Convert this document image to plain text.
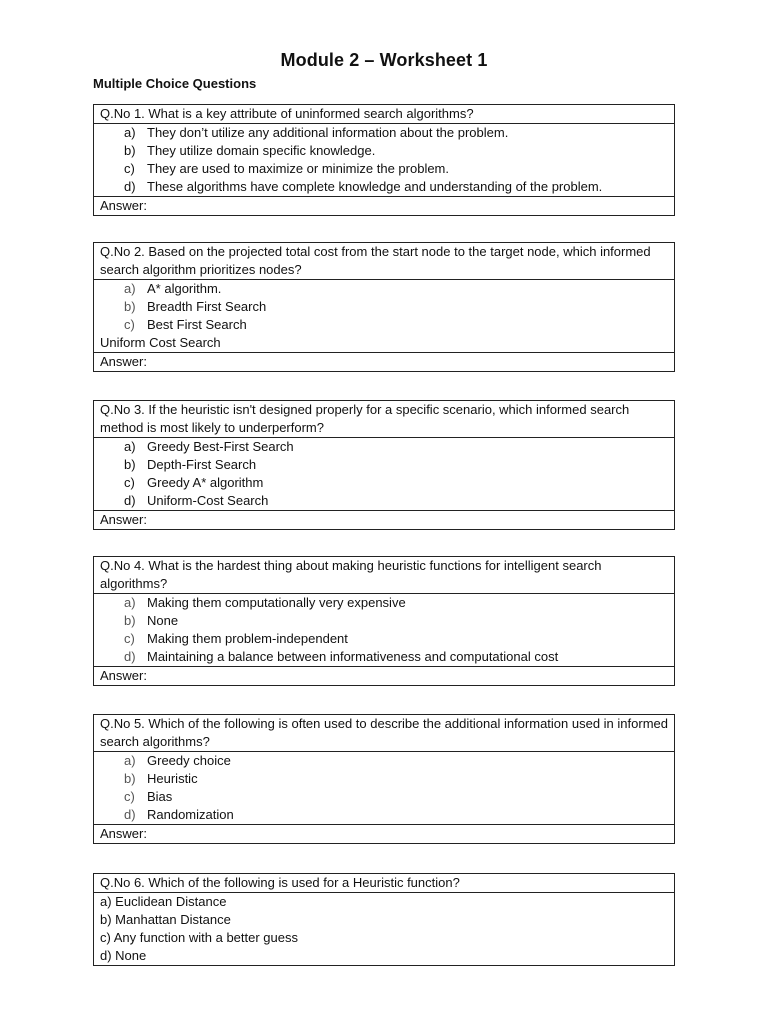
Module 2 – Worksheet 1
Multiple Choice Questions
Q.No 1. What is a key attribute of uninformed search algorithms?
a) They don’t utilize any additional information about the problem.
b) They utilize domain specific knowledge.
c) They are used to maximize or minimize the problem.
d) These algorithms have complete knowledge and understanding of the problem.
Answer:
Q.No 2. Based on the projected total cost from the start node to the target node, which informed search algorithm prioritizes nodes?
a) A* algorithm.
b) Breadth First Search
c) Best First Search
Uniform Cost Search
Answer:
Q.No 3. If the heuristic isn't designed properly for a specific scenario, which informed search method is most likely to underperform?
a) Greedy Best-First Search
b) Depth-First Search
c) Greedy A* algorithm
d) Uniform-Cost Search
Answer:
Q.No 4. What is the hardest thing about making heuristic functions for intelligent search algorithms?
a) Making them computationally very expensive
b) None
c) Making them problem-independent
d) Maintaining a balance between informativeness and computational cost
Answer:
Q.No 5. Which of the following is often used to describe the additional information used in informed search algorithms?
a) Greedy choice
b) Heuristic
c) Bias
d) Randomization
Answer:
Q.No 6. Which of the following is used for a Heuristic function?
a) Euclidean Distance
b) Manhattan Distance
c) Any function with a better guess
d) None
